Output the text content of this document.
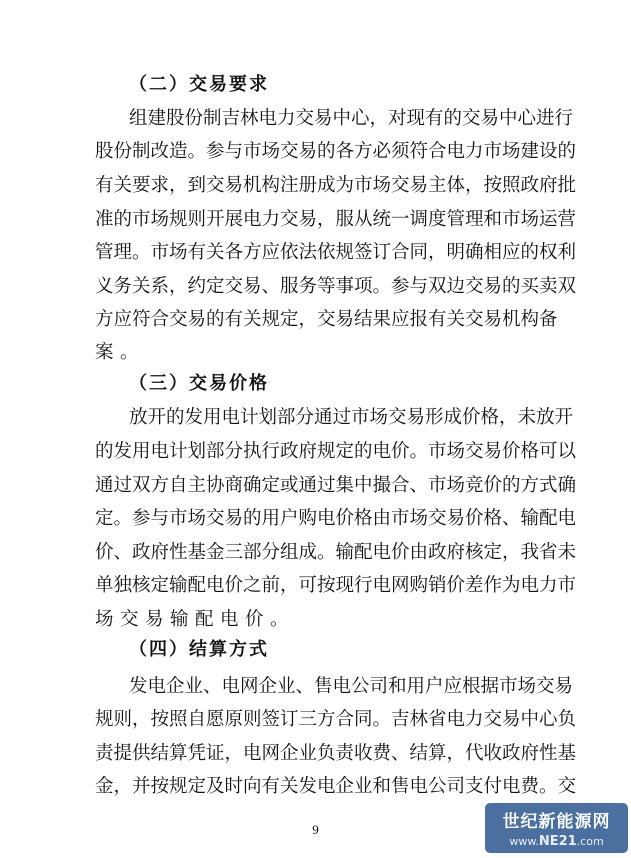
（二）交易要求
组建股份制吉林电力交易中心，对现有的交易中心进行
股份制改造。参与市场交易的各方必须符合电力市场建设的
有关要求，到交易机构注册成为市场交易主体，按照政府批
准的市场规则开展电力交易，服从统一调度管理和市场运营
管理。市场有关各方应依法依规签订合同，明确相应的权利
义务关系，约定交易、服务等事项。参与双边交易的买卖双
方应符合交易的有关规定，交易结果应报有关交易机构备
案。
（三）交易价格
放开的发用电计划部分通过市场交易形成价格，未放开
的发用电计划部分执行政府规定的电价。市场交易价格可以
通过双方自主协商确定或通过集中撮合、市场竞价的方式确
定。参与市场交易的用户购电价格由市场交易价格、输配电
价、政府性基金三部分组成。输配电价由政府核定，我省未
单独核定输配电价之前，可按现行电网购销价差作为电力市
场交易输配电价。
（四）结算方式
发电企业、电网企业、售电公司和用户应根据市场交易
规则，按照自愿原则签订三方合同。吉林省电力交易中心负
责提供结算凭证，电网企业负责收费、结算，代收政府性基
金，并按规定及时向有关发电企业和售电公司支付电费。交
9	世纪新能源网
www.NE21.com
